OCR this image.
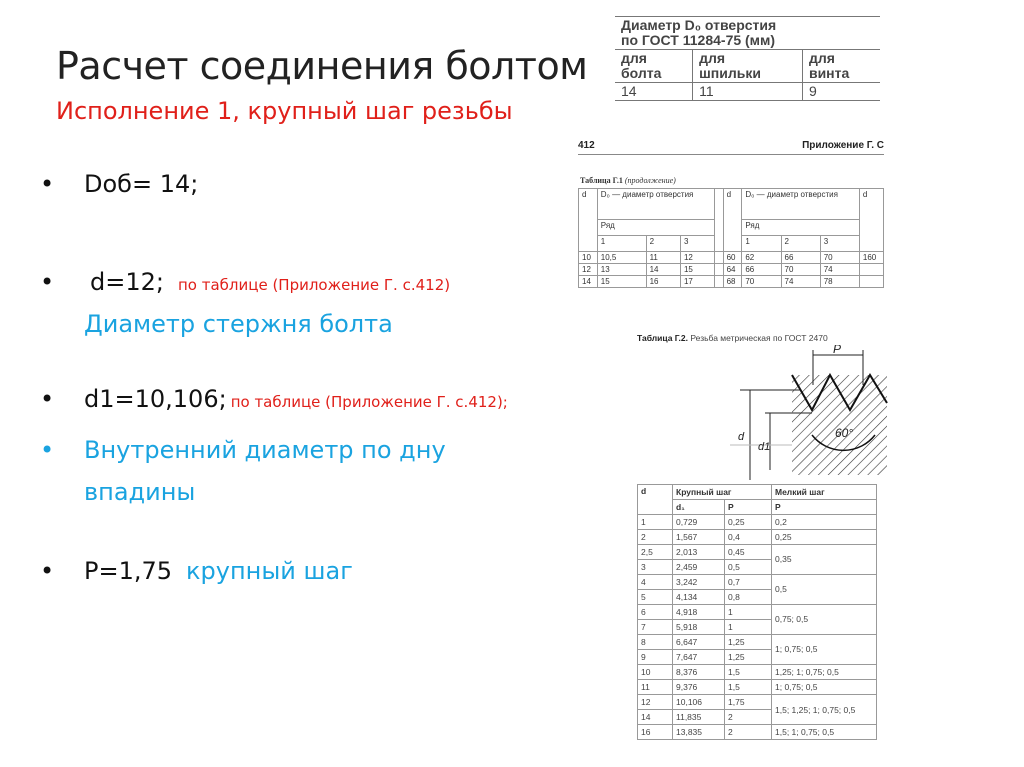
Расчет соединения болтом
Исполнение 1, крупный шаг резьбы
• Dоб= 14;
• d=12; по таблице (Приложение Г. с.412)
Диаметр стержня болта
• d1=10,106; по таблице (Приложение Г. с.412);
• Внутренний диаметр по дну
впадины
• P=1,75 крупный шаг
Диаметр D₀ отверстия
по ГОСТ 11284-75 (мм)		
для
болта	для
шпильки	для
винта
14	11	9
412	Приложение Г. С
Таблица Г.1 (продолжение)
d	D₀ — диаметр отверстия				d	D₀ — диаметр отверстия			d
	Ряд					Ряд			
	1	2	3			1	2	3	
10	10,5	11	12		60	62	66	70	160
12	13	14	15		64	66	70	74	
14	15	16	17		68	70	74	78	
Таблица Г.2. Резьба метрическая по ГОСТ 2470
60°
P
d
d1
d	Крупный шаг		Мелкий шаг
	d₁	P	P
1	0,729	0,25	0,2
2	1,567	0,4	0,25
2,5	2,013	0,45	0,35
3	2,459	0,5	
4	3,242	0,7	0,5
5	4,134	0,8	
6	4,918	1	0,75; 0,5
7	5,918	1	
8	6,647	1,25	1; 0,75; 0,5
9	7,647	1,25	
10	8,376	1,5	1,25; 1; 0,75; 0,5
11	9,376	1,5	1; 0,75; 0,5
12	10,106	1,75	1,5; 1,25; 1; 0,75; 0,5
14	11,835	2	
16	13,835	2	1,5; 1; 0,75; 0,5
